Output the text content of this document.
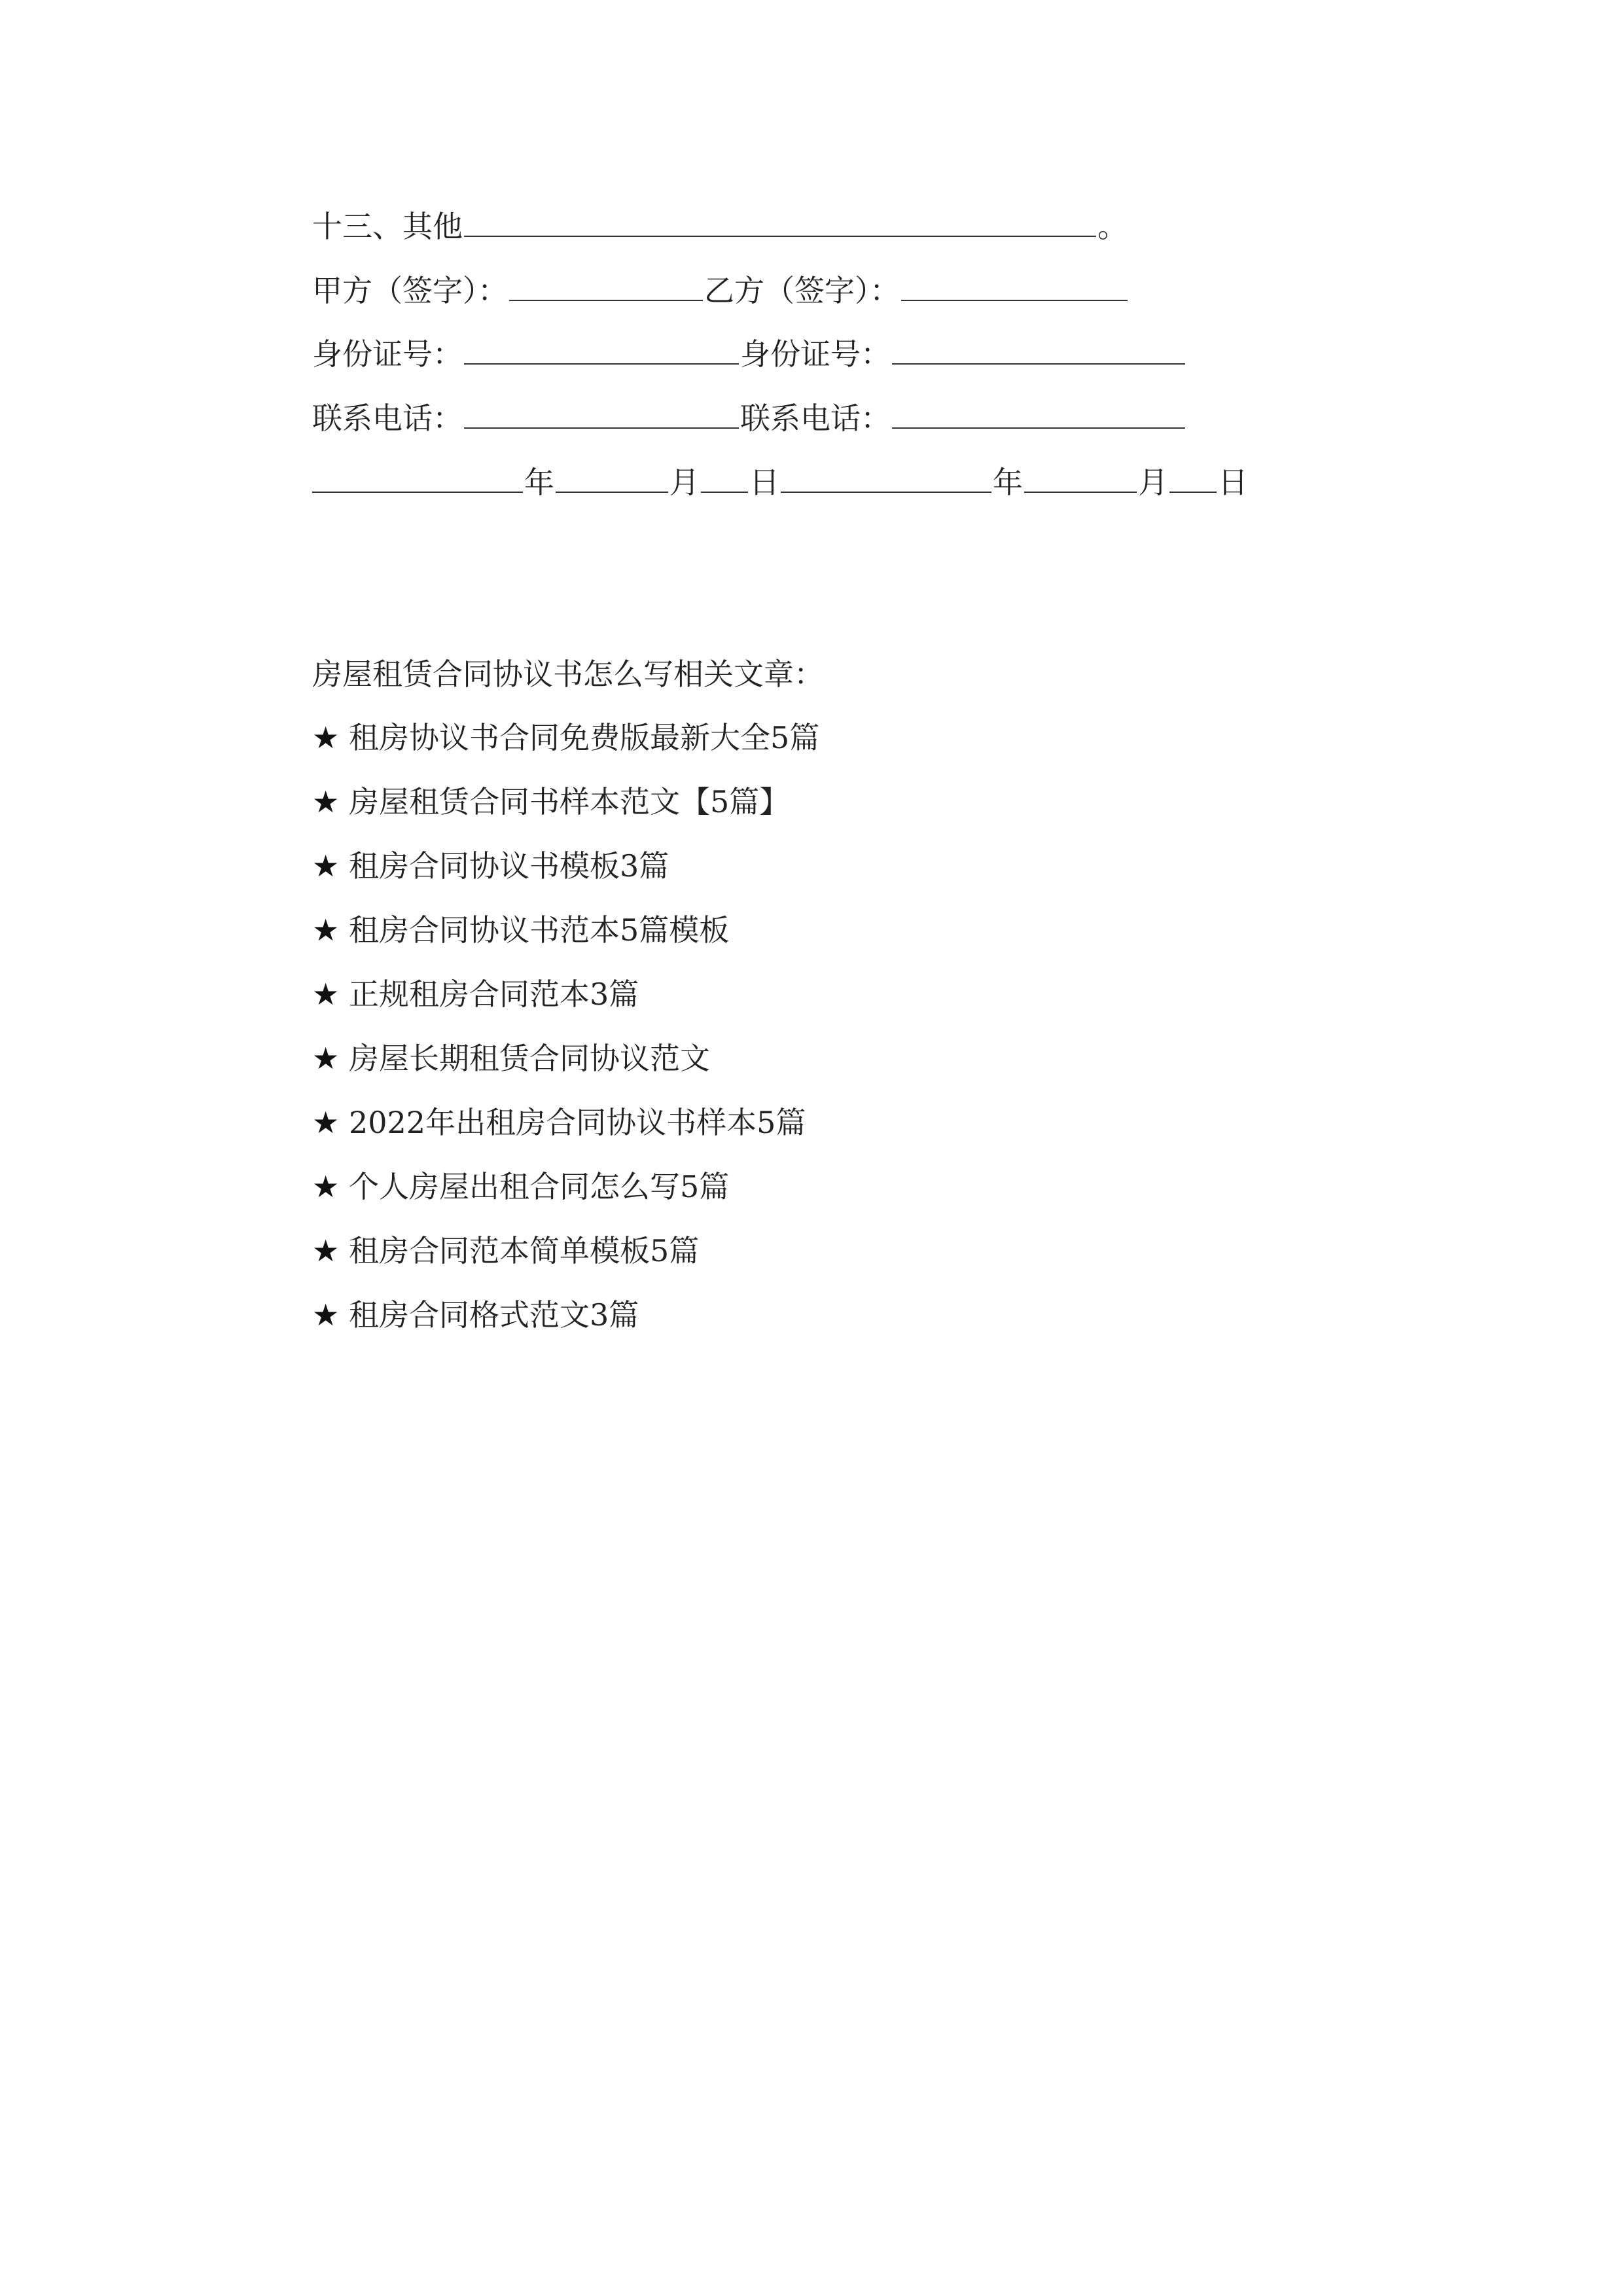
十三、其他	。
甲方（签字）：	乙方（签字）：
身份证号：	身份证号：
联系电话：	联系电话：
年	月 日	年	月 日
房屋租赁合同协议书怎么写相关文章：
★ 租房协议书合同免费版最新大全5篇
★ 房屋租赁合同书样本范文【5篇】
★ 租房合同协议书模板3篇
★ 租房合同协议书范本5篇模板
★ 正规租房合同范本3篇
★ 房屋长期租赁合同协议范文
★ 2022年出租房合同协议书样本5篇
★ 个人房屋出租合同怎么写5篇
★ 租房合同范本简单模板5篇
★ 租房合同格式范文3篇
